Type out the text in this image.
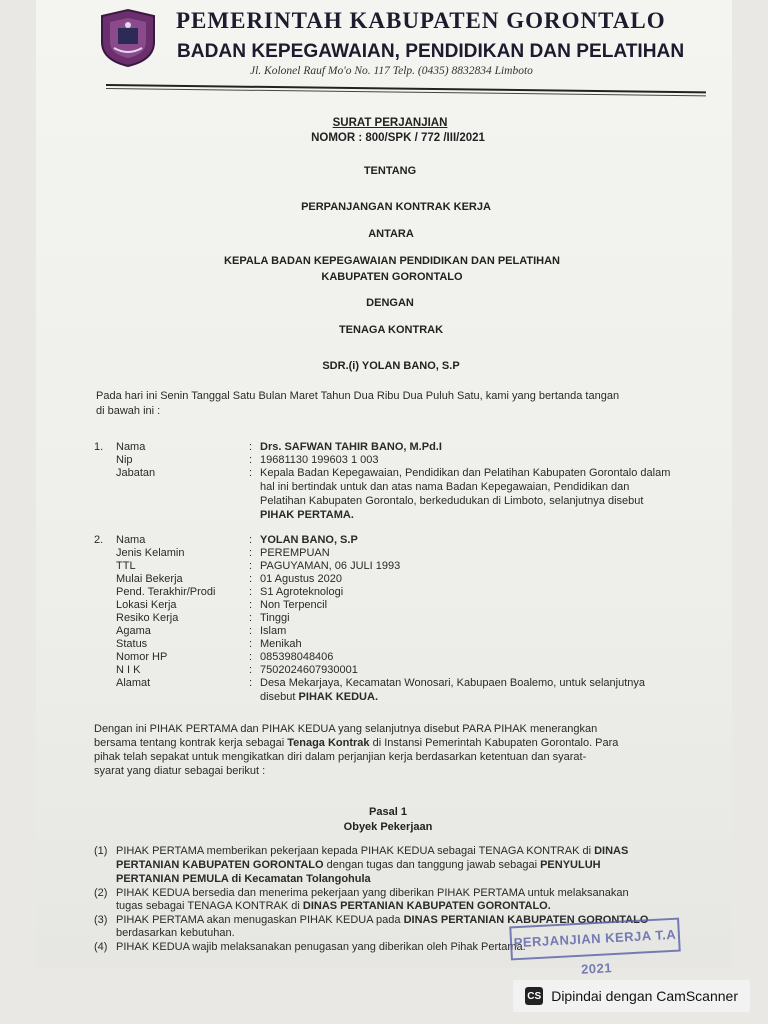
PEMERINTAH KABUPATEN GORONTALO
BADAN KEPEGAWAIAN, PENDIDIKAN DAN PELATIHAN
Jl. Kolonel Rauf Mo'o No. 117 Telp. (0435) 8832834 Limboto
SURAT PERJANJIAN
NOMOR : 800/SPK / 772 /III/2021
TENTANG
PERPANJANGAN KONTRAK KERJA
ANTARA
KEPALA BADAN KEPEGAWAIAN PENDIDIKAN DAN PELATIHAN
KABUPATEN GORONTALO
DENGAN
TENAGA KONTRAK
SDR.(i) YOLAN BANO, S.P
Pada hari ini Senin Tanggal Satu Bulan Maret Tahun Dua Ribu Dua Puluh Satu, kami yang bertanda tangan
di bawah ini :
1. Nama
Nip
Jabatan
:
:
:
Drs. SAFWAN TAHIR BANO, M.Pd.I
19681130 199603 1 003
Kepala Badan Kepegawaian, Pendidikan dan Pelatihan Kabupaten Gorontalo dalam
hal ini bertindak untuk dan atas nama Badan Kepegawaian, Pendidikan dan
Pelatihan Kabupaten Gorontalo, berkedudukan di Limboto, selanjutnya disebut
PIHAK PERTAMA.
2. Nama
Jenis Kelamin
TTL
Mulai Bekerja
Pend. Terakhir/Prodi
Lokasi Kerja
Resiko Kerja
Agama
Status
Nomor HP
N I K
Alamat
:
:
:
:
:
:
:
:
:
:
:
:
YOLAN BANO, S.P
PEREMPUAN
PAGUYAMAN, 06 JULI 1993
01 Agustus 2020
S1 Agroteknologi
Non Terpencil
Tinggi
Islam
Menikah
085398048406
7502024607930001
Desa Mekarjaya, Kecamatan Wonosari, Kabupaen Boalemo, untuk selanjutnya
disebut PIHAK KEDUA.
Dengan ini PIHAK PERTAMA dan PIHAK KEDUA yang selanjutnya disebut PARA PIHAK menerangkan
bersama tentang kontrak kerja sebagai Tenaga Kontrak di Instansi Pemerintah Kabupaten Gorontalo. Para
pihak telah sepakat untuk mengikatkan diri dalam perjanjian kerja berdasarkan ketentuan dan syarat-
syarat yang diatur sebagai berikut :
Pasal 1
Obyek Pekerjaan
(1) PIHAK PERTAMA memberikan pekerjaan kepada PIHAK KEDUA sebagai TENAGA KONTRAK di DINAS
PERTANIAN KABUPATEN GORONTALO dengan tugas dan tanggung jawab sebagai PENYULUH
PERTANIAN PEMULA di Kecamatan Tolangohula
(2) PIHAK KEDUA bersedia dan menerima pekerjaan yang diberikan PIHAK PERTAMA untuk melaksanakan
tugas sebagai TENAGA KONTRAK di DINAS PERTANIAN KABUPATEN GORONTALO.
(3) PIHAK PERTAMA akan menugaskan PIHAK KEDUA pada DINAS PERTANIAN KABUPATEN GORONTALO
berdasarkan kebutuhan.
(4) PIHAK KEDUA wajib melaksanakan penugasan yang diberikan oleh Pihak Pertama.
PERJANJIAN KERJA T.A 2021
CS Dipindai dengan CamScanner
